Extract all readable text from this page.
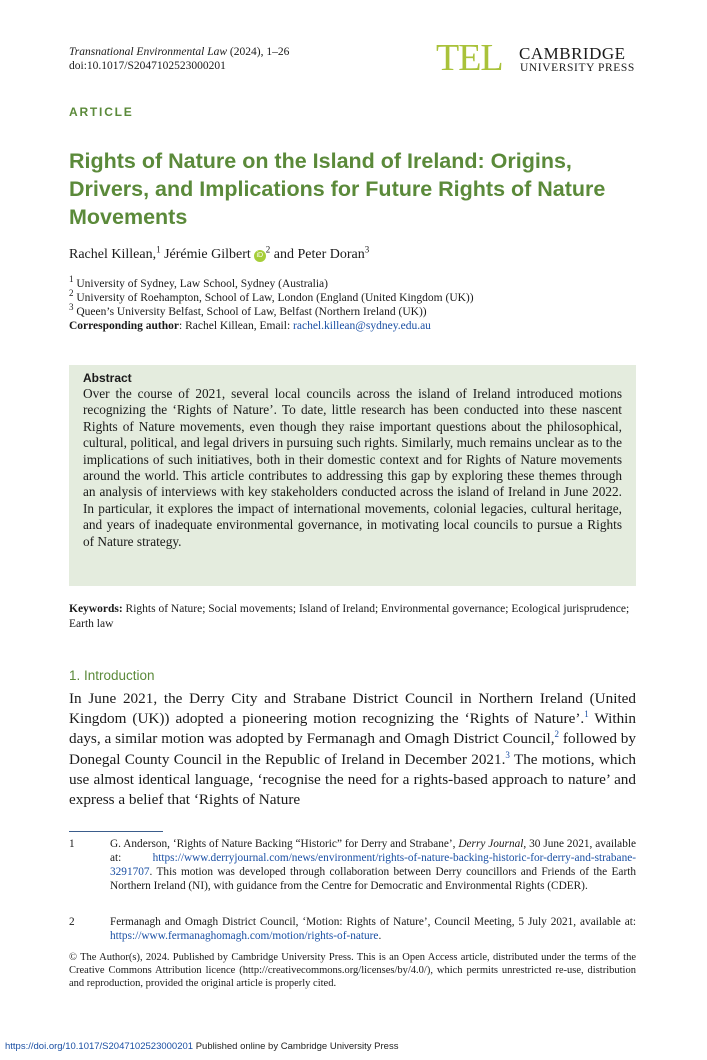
Transnational Environmental Law (2024), 1–26
doi:10.1017/S2047102523000201	TEL CAMBRIDGE
UNIVERSITY PRESS
ARTICLE
Rights of Nature on the Island of Ireland: Origins, Drivers, and Implications for Future Rights of Nature Movements
Rachel Killean,$^1$ Jérémie Gilbert $iD^2$ and Peter Doran$^3$
$^1$ University of Sydney, Law School, Sydney (Australia)
$^2$ University of Roehampton, School of Law, London (England (United Kingdom (UK))
$^3$ Queen’s University Belfast, School of Law, Belfast (Northern Ireland (UK))
Corresponding author: Rachel Killean, Email: rachel.killean@sydney.edu.au
Abstract
Over the course of 2021, several local councils across the island of Ireland introduced motions recognizing the ‘Rights of Nature’. To date, little research has been conducted into these nascent Rights of Nature movements, even though they raise important questions about the philosophical, cultural, political, and legal drivers in pursuing such rights. Similarly, much remains unclear as to the implications of such initiatives, both in their domestic context and for Rights of Nature movements around the world. This article contributes to addressing this gap by exploring these themes through an analysis of interviews with key stakeholders conducted across the island of Ireland in June 2022. In particular, it explores the impact of international movements, colonial legacies, cultural heritage, and years of inadequate environmental governance, in motivating local councils to pursue a Rights of Nature strategy.
Keywords: Rights of Nature; Social movements; Island of Ireland; Environmental governance; Ecological jurisprudence; Earth law
1. Introduction
In June 2021, the Derry City and Strabane District Council in Northern Ireland (United Kingdom (UK)) adopted a pioneering motion recognizing the ‘Rights of Nature’.$^1$ Within days, a similar motion was adopted by Fermanagh and Omagh District Council,$^2$ followed by Donegal County Council in the Republic of Ireland in December 2021.$^3$ The motions, which use almost identical language, ‘recognise the need for a rights-based approach to nature’ and express a belief that ‘Rights of Nature
1	G. Anderson, ‘Rights of Nature Backing “Historic” for Derry and Strabane’, Derry Journal, 30 June 2021, available at: https://www.derryjournal.com/news/environment/rights-of-nature-backing-historic-for-derry-and-strabane-3291707. This motion was developed through collaboration between Derry councillors and Friends of the Earth Northern Ireland (NI), with guidance from the Centre for Democratic and Environmental Rights (CDER).
2	Fermanagh and Omagh District Council, ‘Motion: Rights of Nature’, Council Meeting, 5 July 2021, available at: https://www.fermanaghomagh.com/motion/rights-of-nature.
© The Author(s), 2024. Published by Cambridge University Press. This is an Open Access article, distributed under the terms of the Creative Commons Attribution licence (http://creativecommons.org/licenses/by/4.0/), which permits unrestricted re-use, distribution and reproduction, provided the original article is properly cited.
https://doi.org/10.1017/S2047102523000201 Published online by Cambridge University Press
